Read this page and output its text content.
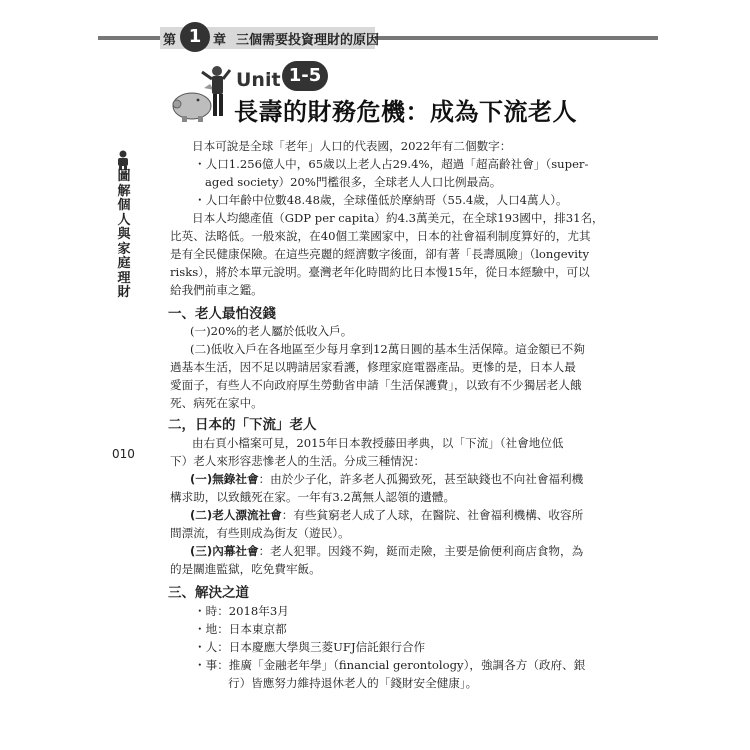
第 1 章 三個需要投資理財的原因
Unit 1-5
長壽的財務危機：成為下流老人
圖解個人與家庭理財
010
日本可說是全球「老年」人口的代表國，2022年有二個數字：
・人口1.256億人中，65歲以上老人占29.4%，超過「超高齡社會」（super-
aged society）20%門檻很多，全球老人人口比例最高。
・人口年齡中位數48.48歲，全球僅低於摩納哥（55.4歲，人口4萬人）。
日本人均總產值（GDP per capita）約4.3萬美元，在全球193國中，排31名，
比英、法略低。一般來說，在40個工業國家中，日本的社會福利制度算好的，尤其
是有全民健康保險。在這些亮麗的經濟數字後面，卻有著「長壽風險」（longevity
risks），將於本單元說明。臺灣老年化時間約比日本慢15年，從日本經驗中，可以
給我們前車之鑑。
一、老人最怕沒錢
(一)20%的老人屬於低收入戶。
(二)低收入戶在各地區至少每月拿到12萬日圓的基本生活保障。這金額已不夠
過基本生活，因不足以聘請居家看護，修理家庭電器產品。更慘的是，日本人最
愛面子，有些人不向政府厚生勞動省申請「生活保護費」，以致有不少獨居老人餓
死、病死在家中。
二，日本的「下流」老人
由右頁小檔案可見，2015年日本教授藤田孝典，以「下流」（社會地位低
下）老人來形容悲慘老人的生活。分成三種情況：
(一)無錄社會：由於少子化，許多老人孤獨致死，甚至缺錢也不向社會福利機
構求助，以致餓死在家。一年有3.2萬無人認領的遺體。
(二)老人漂流社會：有些貧窮老人成了人球，在醫院、社會福利機構、收容所
間漂流，有些則成為街友（遊民）。
(三)內幕社會：老人犯罪。因錢不夠，鋌而走險，主要是偷便利商店食物，為
的是關進監獄，吃免費牢飯。
三、解決之道
・時：2018年3月
・地：日本東京都
・人：日本慶應大學與三菱UFJ信託銀行合作
・事：推廣「金融老年學」（financial gerontology），強調各方（政府、銀
行）皆應努力維持退休老人的「錢財安全健康」。
